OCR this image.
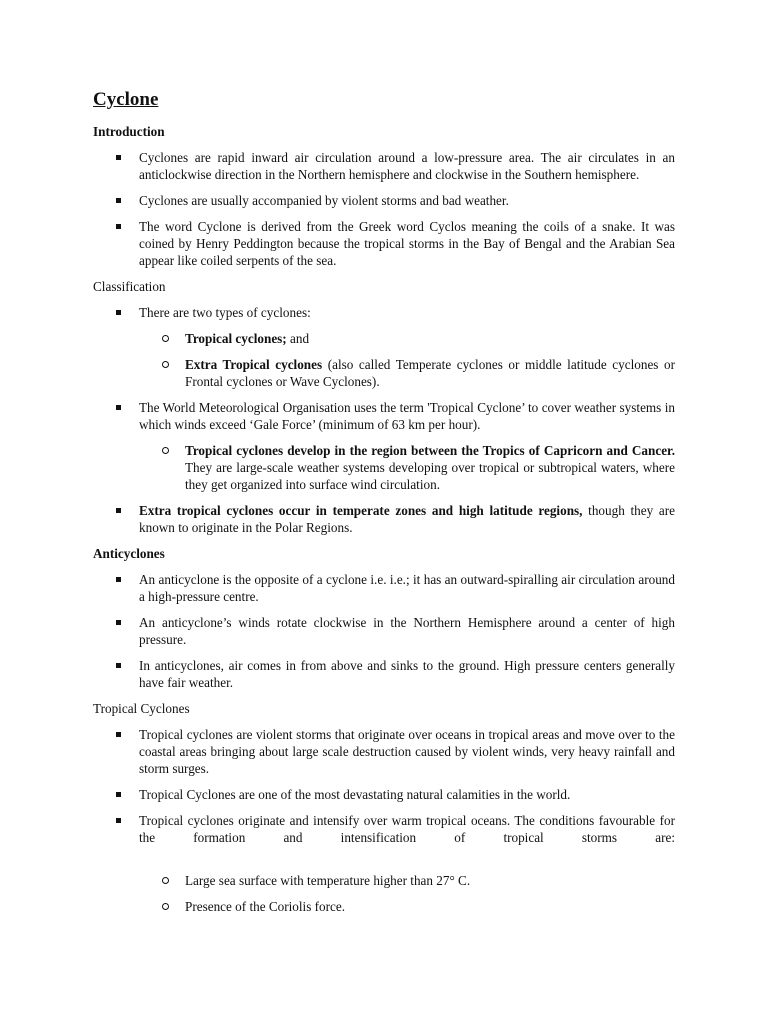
Cyclone
Introduction
Cyclones are rapid inward air circulation around a low-pressure area. The air circulates in an anticlockwise direction in the Northern hemisphere and clockwise in the Southern hemisphere.
Cyclones are usually accompanied by violent storms and bad weather.
The word Cyclone is derived from the Greek word Cyclos meaning the coils of a snake. It was coined by Henry Peddington because the tropical storms in the Bay of Bengal and the Arabian Sea appear like coiled serpents of the sea.
Classification
There are two types of cyclones:
Tropical cyclones; and
Extra Tropical cyclones (also called Temperate cyclones or middle latitude cyclones or Frontal cyclones or Wave Cyclones).
The World Meteorological Organisation uses the term 'Tropical Cyclone’ to cover weather systems in which winds exceed ‘Gale Force’ (minimum of 63 km per hour).
Tropical cyclones develop in the region between the Tropics of Capricorn and Cancer. They are large-scale weather systems developing over tropical or subtropical waters, where they get organized into surface wind circulation.
Extra tropical cyclones occur in temperate zones and high latitude regions, though they are known to originate in the Polar Regions.
Anticyclones
An anticyclone is the opposite of a cyclone i.e. i.e.; it has an outward-spiralling air circulation around a high-pressure centre.
An anticyclone’s winds rotate clockwise in the Northern Hemisphere around a center of high pressure.
In anticyclones, air comes in from above and sinks to the ground. High pressure centers generally have fair weather.
Tropical Cyclones
Tropical cyclones are violent storms that originate over oceans in tropical areas and move over to the coastal areas bringing about large scale destruction caused by violent winds, very heavy rainfall and storm surges.
Tropical Cyclones are one of the most devastating natural calamities in the world.
Tropical cyclones originate and intensify over warm tropical oceans. The conditions favourable for the formation and intensification of tropical storms are:
Large sea surface with temperature higher than 27° C.
Presence of the Coriolis force.
